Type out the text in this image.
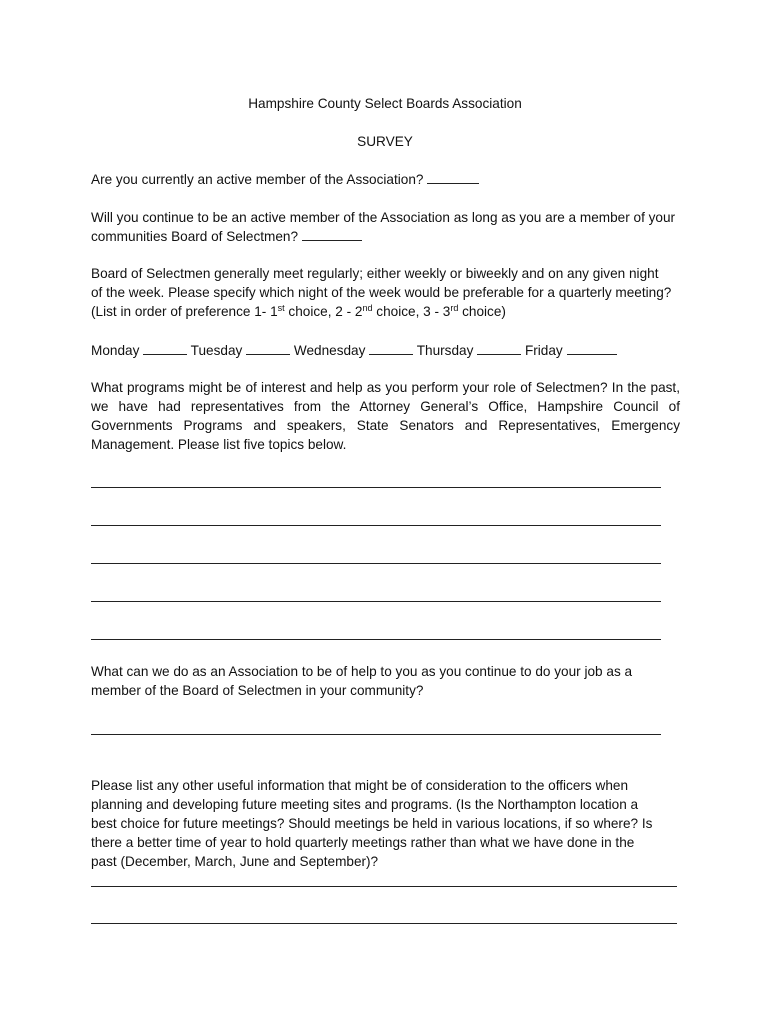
Hampshire County Select Boards Association

SURVEY

Are you currently an active member of the Association?

Will you continue to be an active member of the Association as long as you are a member of your

communities Board of Selectmen?

Board of Selectmen generally meet regularly; either weekly or biweekly and on any given night

of the week. Please specify which night of the week would be preferable for a quarterly meeting?

(List in order of preference 1- 1st choice, 2 - 2nd choice, 3 - 3rd choice)

Monday	Tuesday	Wednesday	Thursday	Friday

What programs might be of interest and help as you perform your role of Selectmen? In the past, we have had representatives from the Attorney General’s Office, Hampshire Council of Governments Programs and speakers, State Senators and Representatives, Emergency Management. Please list five topics below.

What can we do as an Association to be of help to you as you continue to do your job as a

member of the Board of Selectmen in your community?

Please list any other useful information that might be of consideration to the officers when

planning and developing future meeting sites and programs. (Is the Northampton location a

best choice for future meetings? Should meetings be held in various locations, if so where? Is

there a better time of year to hold quarterly meetings rather than what we have done in the

past (December, March, June and September)?
